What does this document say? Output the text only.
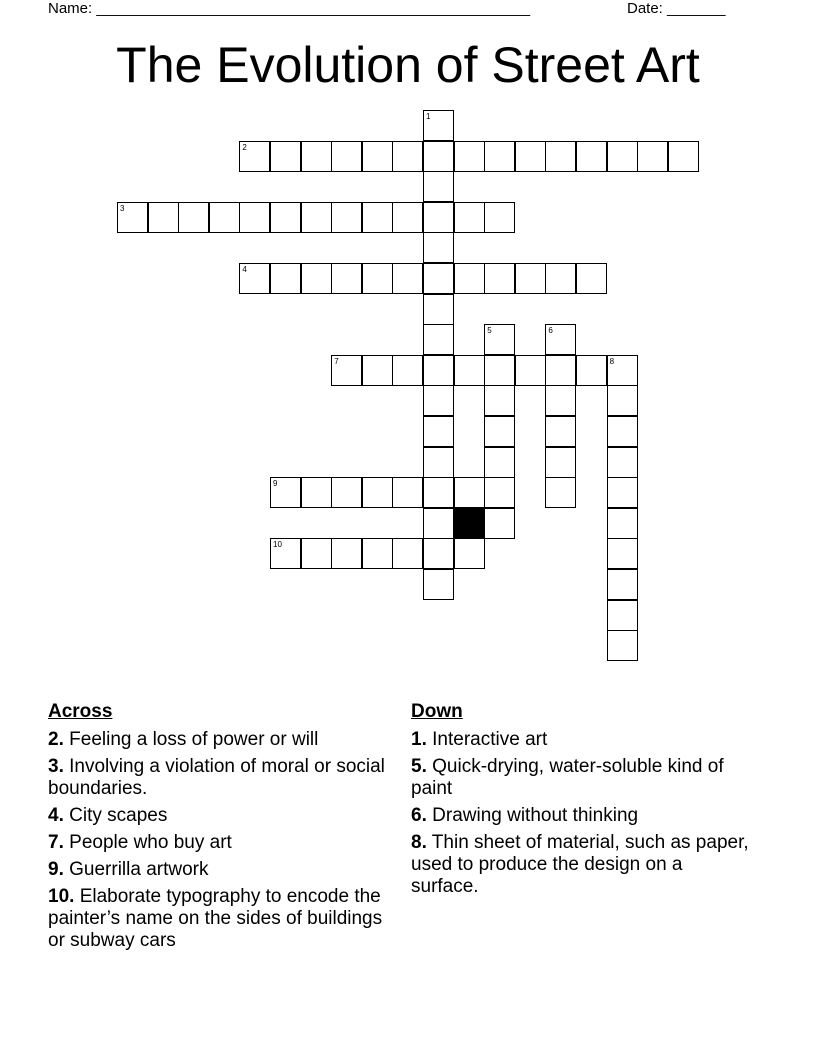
Name: ____________________________________________________	Date: _______
The Evolution of Street Art
1
2
3
4
5	6
7	8
9
10
Across
2. Feeling a loss of power or will
3. Involving a violation of moral or social boundaries.
4. City scapes
7. People who buy art
9. Guerrilla artwork
10. Elaborate typography to encode the painter’s name on the sides of buildings or subway cars
Down
1. Interactive art
5. Quick-drying, water-soluble kind of paint
6. Drawing without thinking
8. Thin sheet of material, such as paper, used to produce the design on a surface.
